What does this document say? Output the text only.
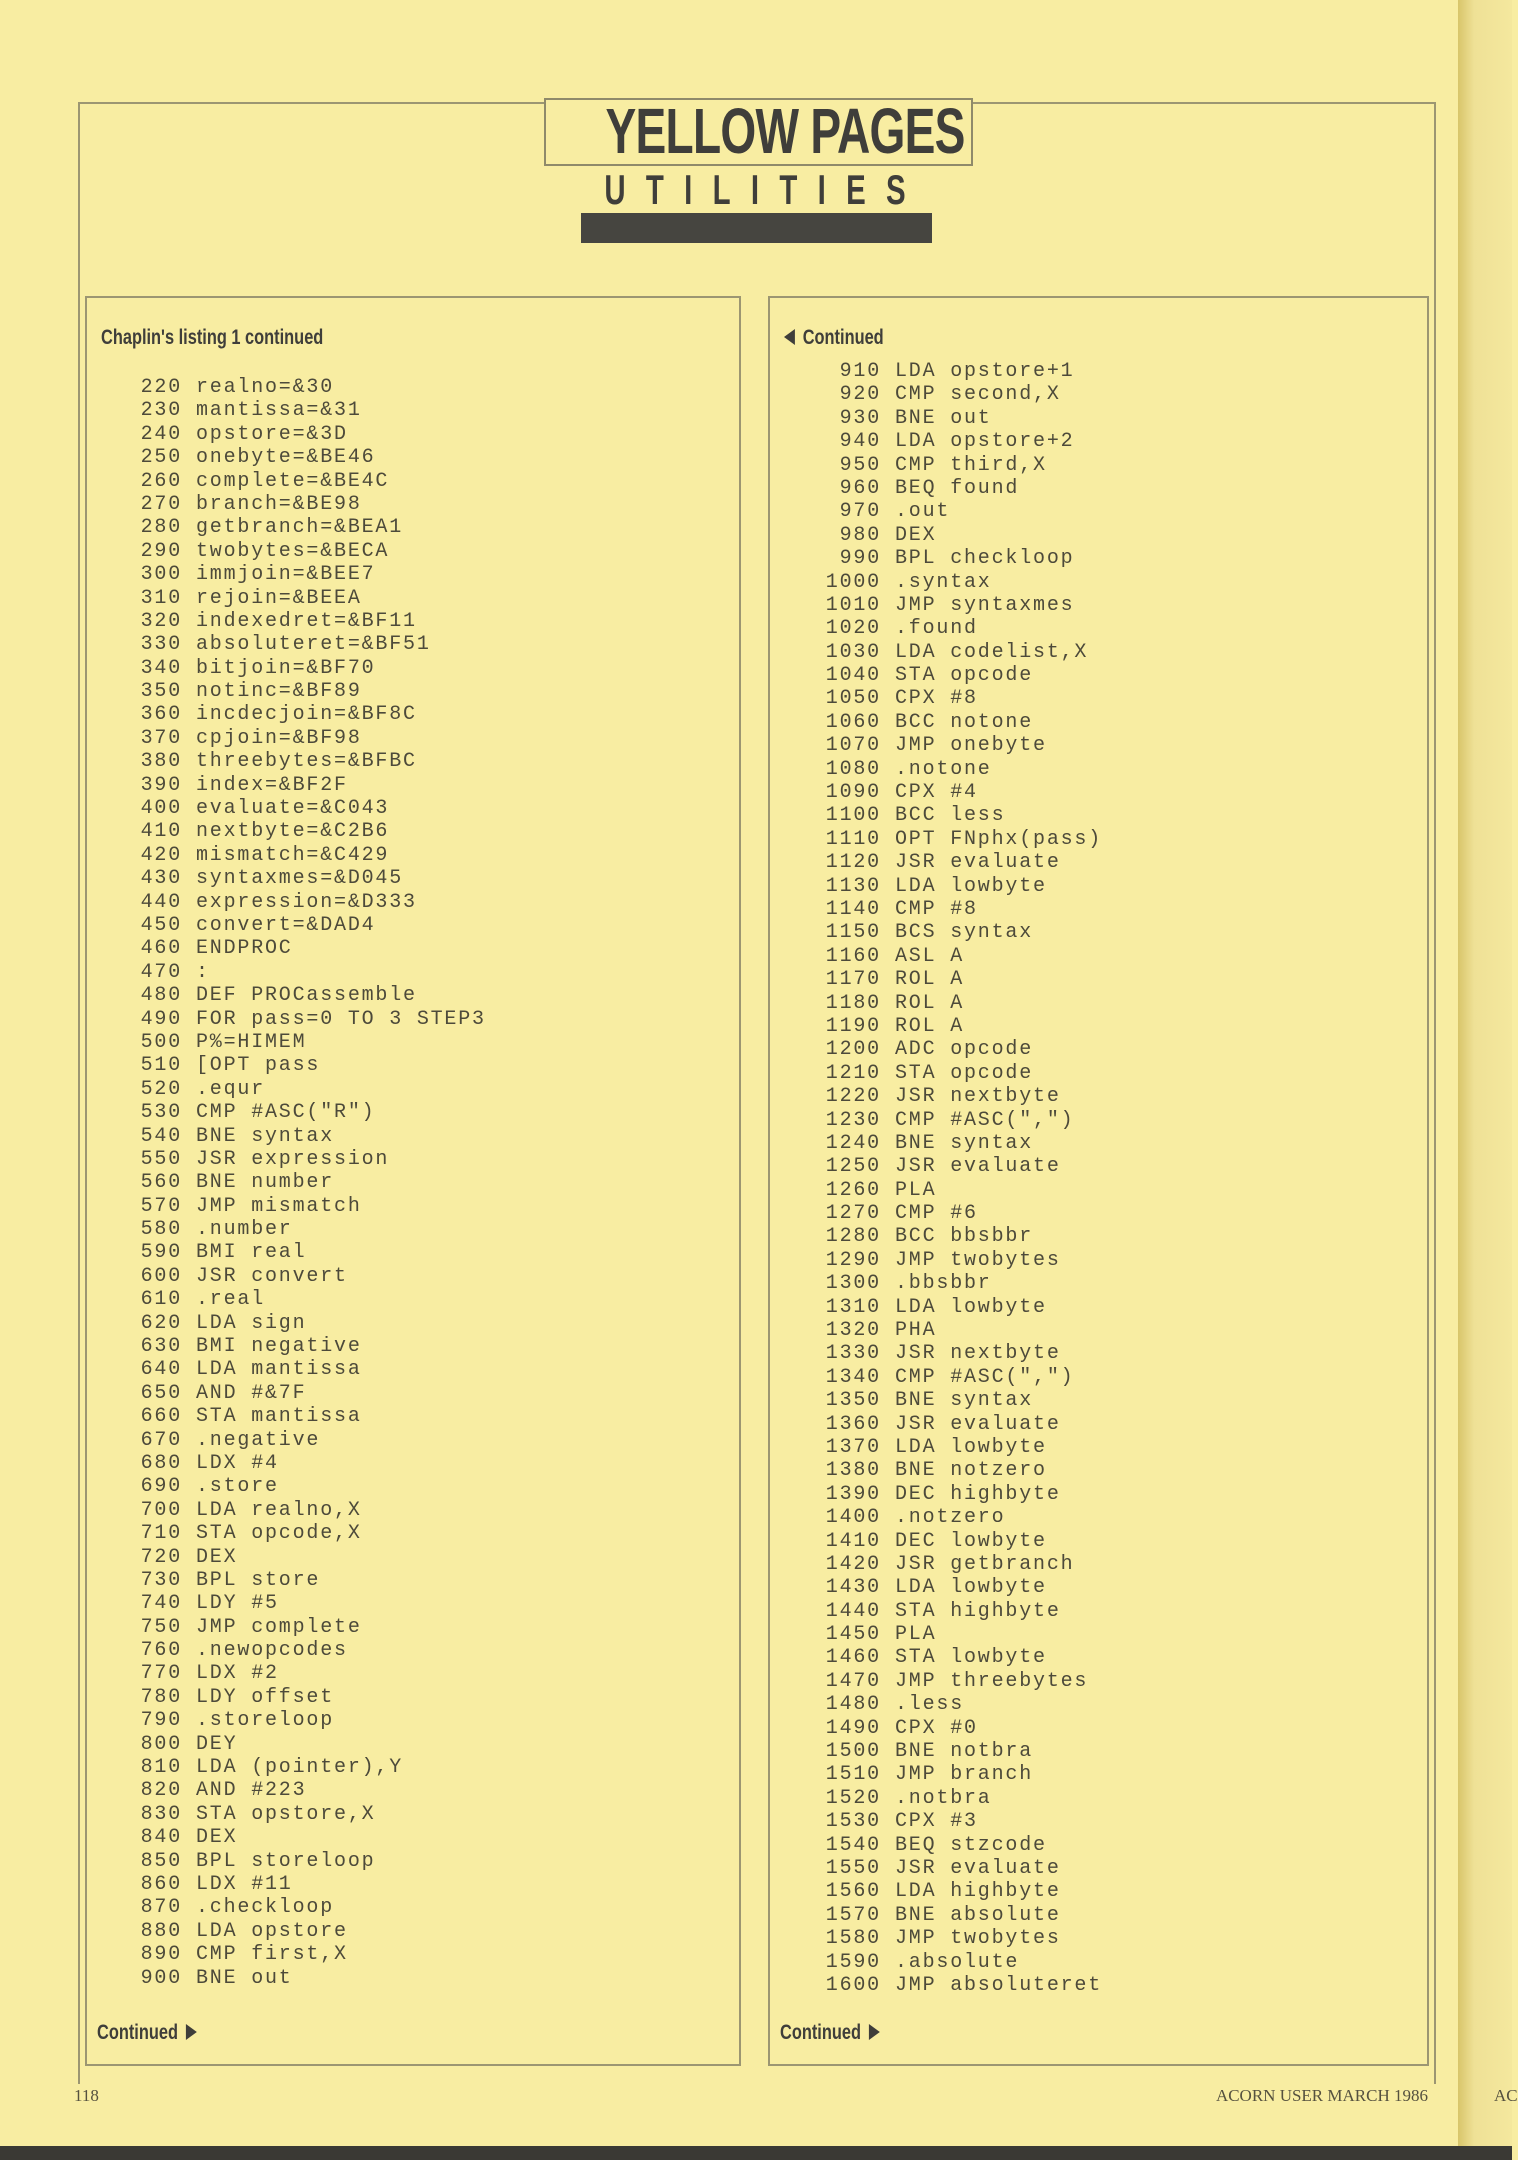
AC
YELLOW PAGES
UTILITIES
Chaplin's listing 1 continued
220 realno=&30
230 mantissa=&31
240 opstore=&3D
250 onebyte=&BE46
260 complete=&BE4C
270 branch=&BE98
280 getbranch=&BEA1
290 twobytes=&BECA
300 immjoin=&BEE7
310 rejoin=&BEEA
320 indexedret=&BF11
330 absoluteret=&BF51
340 bitjoin=&BF70
350 notinc=&BF89
360 incdecjoin=&BF8C
370 cpjoin=&BF98
380 threebytes=&BFBC
390 index=&BF2F
400 evaluate=&C043
410 nextbyte=&C2B6
420 mismatch=&C429
430 syntaxmes=&D045
440 expression=&D333
450 convert=&DAD4
460 ENDPROC
470 :
480 DEF PROCassemble
490 FOR pass=0 TO 3 STEP3
500 P%=HIMEM
510 [OPT pass
520 .equr
530 CMP #ASC("R")
540 BNE syntax
550 JSR expression
560 BNE number
570 JMP mismatch
580 .number
590 BMI real
600 JSR convert
610 .real
620 LDA sign
630 BMI negative
640 LDA mantissa
650 AND #&7F
660 STA mantissa
670 .negative
680 LDX #4
690 .store
700 LDA realno,X
710 STA opcode,X
720 DEX
730 BPL store
740 LDY #5
750 JMP complete
760 .newopcodes
770 LDX #2
780 LDY offset
790 .storeloop
800 DEY
810 LDA (pointer),Y
820 AND #223
830 STA opstore,X
840 DEX
850 BPL storeloop
860 LDX #11
870 .checkloop
880 LDA opstore
890 CMP first,X
900 BNE out
Continued
Continued
910 LDA opstore+1
920 CMP second,X
930 BNE out
940 LDA opstore+2
950 CMP third,X
960 BEQ found
970 .out
980 DEX
990 BPL checkloop
1000 .syntax
1010 JMP syntaxmes
1020 .found
1030 LDA codelist,X
1040 STA opcode
1050 CPX #8
1060 BCC notone
1070 JMP onebyte
1080 .notone
1090 CPX #4
1100 BCC less
1110 OPT FNphx(pass)
1120 JSR evaluate
1130 LDA lowbyte
1140 CMP #8
1150 BCS syntax
1160 ASL A
1170 ROL A
1180 ROL A
1190 ROL A
1200 ADC opcode
1210 STA opcode
1220 JSR nextbyte
1230 CMP #ASC(",")
1240 BNE syntax
1250 JSR evaluate
1260 PLA
1270 CMP #6
1280 BCC bbsbbr
1290 JMP twobytes
1300 .bbsbbr
1310 LDA lowbyte
1320 PHA
1330 JSR nextbyte
1340 CMP #ASC(",")
1350 BNE syntax
1360 JSR evaluate
1370 LDA lowbyte
1380 BNE notzero
1390 DEC highbyte
1400 .notzero
1410 DEC lowbyte
1420 JSR getbranch
1430 LDA lowbyte
1440 STA highbyte
1450 PLA
1460 STA lowbyte
1470 JMP threebytes
1480 .less
1490 CPX #0
1500 BNE notbra
1510 JMP branch
1520 .notbra
1530 CPX #3
1540 BEQ stzcode
1550 JSR evaluate
1560 LDA highbyte
1570 BNE absolute
1580 JMP twobytes
1590 .absolute
1600 JMP absoluteret
Continued
118	ACORN USER MARCH 1986
